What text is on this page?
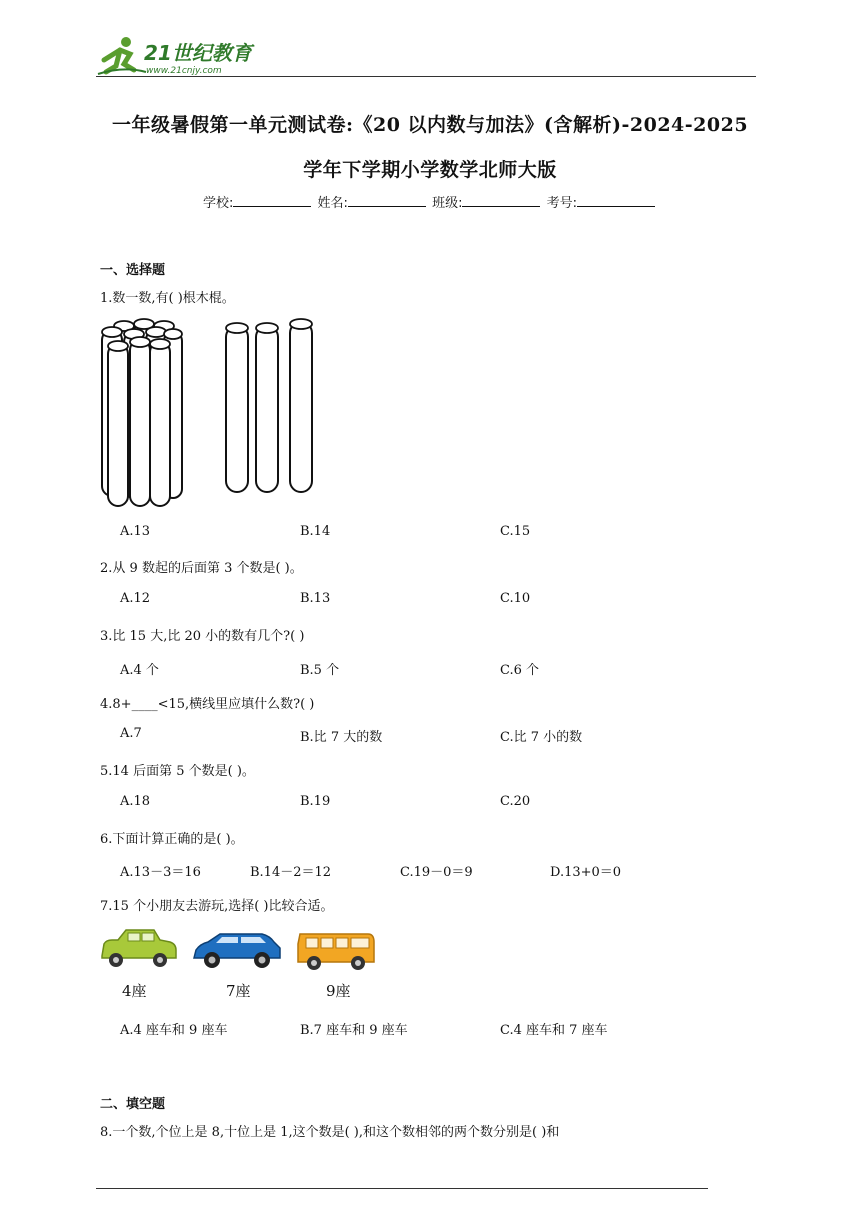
21世纪教育
www.21cnjy.com
一年级暑假第一单元测试卷:《20 以内数与加法》(含解析)-2024-2025
学年下学期小学数学北师大版
学校:	姓名:	班级:	考号:
一、选择题
1.数一数,有( )根木棍。
A.13	B.14	C.15
2.从 9 数起的后面第 3 个数是( )。
A.12	B.13	C.10
3.比 15 大,比 20 小的数有几个?( )
A.4 个	B.5 个	C.6 个
4.8+____<15,横线里应填什么数?( )
A.7	B.比 7 大的数	C.比 7 小的数
5.14 后面第 5 个数是( )。
A.18	B.19	C.20
6.下面计算正确的是( )。
A.13－3＝16	B.14－2＝12	C.19－0＝9	D.13+0＝0
7.15 个小朋友去游玩,选择( )比较合适。
4座	7座	9座
A.4 座车和 9 座车	B.7 座车和 9 座车	C.4 座车和 7 座车
二、填空题
8.一个数,个位上是 8,十位上是 1,这个数是( ),和这个数相邻的两个数分别是( )和
